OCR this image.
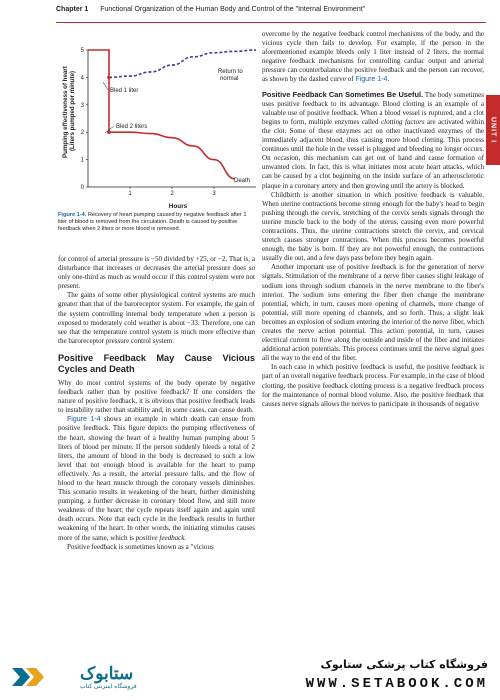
Chapter 1 Functional Organization of the Human Body and Control of the "Internal Environment"
UNIT I
Pumping effectiveness of heart (Liters pumped per minute)
5
4
3
2
1
0
1	2	3
Hours
Bled 1 liter
Bled 2 liters
Return to
normal
Death
Figure 1-4. Recovery of heart pumping caused by negative feedback after 1 liter of blood is removed from the circulation. Death is caused by positive feedback when 2 liters or more blood is removed.

for control of arterial pressure is −50 divided by +25, or −2. That is, a disturbance that increases or decreases the arterial pressure does so only one-third as much as would occur if this control system were not present.

The gains of some other physiological control systems are much greater than that of the baroreceptor system. For example, the gain of the system controlling internal body temperature when a person is exposed to moderately cold weather is about −33. Therefore, one can see that the temperature control system is much more effective than the baroreceptor pressure control system.

Positive Feedback May Cause Vicious Cycles and Death

Why do most control systems of the body operate by negative feedback rather than by positive feedback? If one considers the nature of positive feedback, it is obvious that positive feedback leads to instability rather than stability and, in some cases, can cause death.

Figure 1-4 shows an example in which death can ensue from positive feedback. This figure depicts the pumping effectiveness of the heart, showing the heart of a healthy human pumping about 5 liters of blood per minute. If the person suddenly bleeds a total of 2 liters, the amount of blood in the body is decreased to such a low level that not enough blood is available for the heart to pump effectively. As a result, the arterial pressure falls, and the flow of blood to the heart muscle through the coronary vessels diminishes. This scenario results in weakening of the heart, further diminishing pumping, a further decrease in coronary blood flow, and still more weakness of the heart; the cycle repeats itself again and again until death occurs. Note that each cycle in the feedback results in further weakening of the heart. In other words, the initiating stimulus causes more of the same, which is positive feedback.

Positive feedback is sometimes known as a "vicious

overcome by the negative feedback control mechanisms of the body, and the vicious cycle then fails to develop. For example, if the person in the aforementioned example bleeds only 1 liter instead of 2 liters, the normal negative feedback mechanisms for controlling cardiac output and arterial pressure can counterbalance the positive feedback and the person can recover, as shown by the dashed curve of Figure 1-4.

Positive Feedback Can Sometimes Be Useful. The body sometimes uses positive feedback to its advantage. Blood clotting is an example of a valuable use of positive feedback. When a blood vessel is ruptured, and a clot begins to form, multiple enzymes called clotting factors are activated within the clot. Some of these enzymes act on other inactivated enzymes of the immediately adjacent blood, thus causing more blood clotting. This process continues until the hole in the vessel is plugged and bleeding no longer occurs. On occasion, this mechanism can get out of hand and cause formation of unwanted clots. In fact, this is what initiates most acute heart attacks, which can be caused by a clot beginning on the inside surface of an atherosclerotic plaque in a coronary artery and then growing until the artery is blocked.

Childbirth is another situation in which positive feedback is valuable. When uterine contractions become strong enough for the baby's head to begin pushing through the cervix, stretching of the cervix sends signals through the uterine muscle back to the body of the uterus, causing even more powerful contractions. Thus, the uterine contractions stretch the cervix, and cervical stretch causes stronger contractions. When this process becomes powerful enough, the baby is born. If they are not powerful enough, the contractions usually die out, and a few days pass before they begin again.

Another important use of positive feedback is for the generation of nerve signals. Stimulation of the membrane of a nerve fiber causes slight leakage of sodium ions through sodium channels in the nerve membrane to the fiber's interior. The sodium ions entering the fiber then change the membrane potential, which, in turn, causes more opening of channels, more change of potential, still more opening of channels, and so forth. Thus, a slight leak becomes an explosion of sodium entering the interior of the nerve fiber, which creates the nerve action potential. This action potential, in turn, causes electrical current to flow along the outside and inside of the fiber and initiates additional action potentials. This process continues until the nerve signal goes all the way to the end of the fiber.

In each case in which positive feedback is useful, the positive feedback is part of an overall negative feedback process. For example, in the case of blood clotting, the positive feedback clotting process is a negative feedback process for the maintenance of normal blood volume. Also, the positive feedback that causes nerve signals allows the nerves to participate in thousands of negative

ستابوک
فروشگاه اینترنتی کتاب
فروشگاه کتاب پزشکی ستابوک
WWW.SETABOOK.COM
